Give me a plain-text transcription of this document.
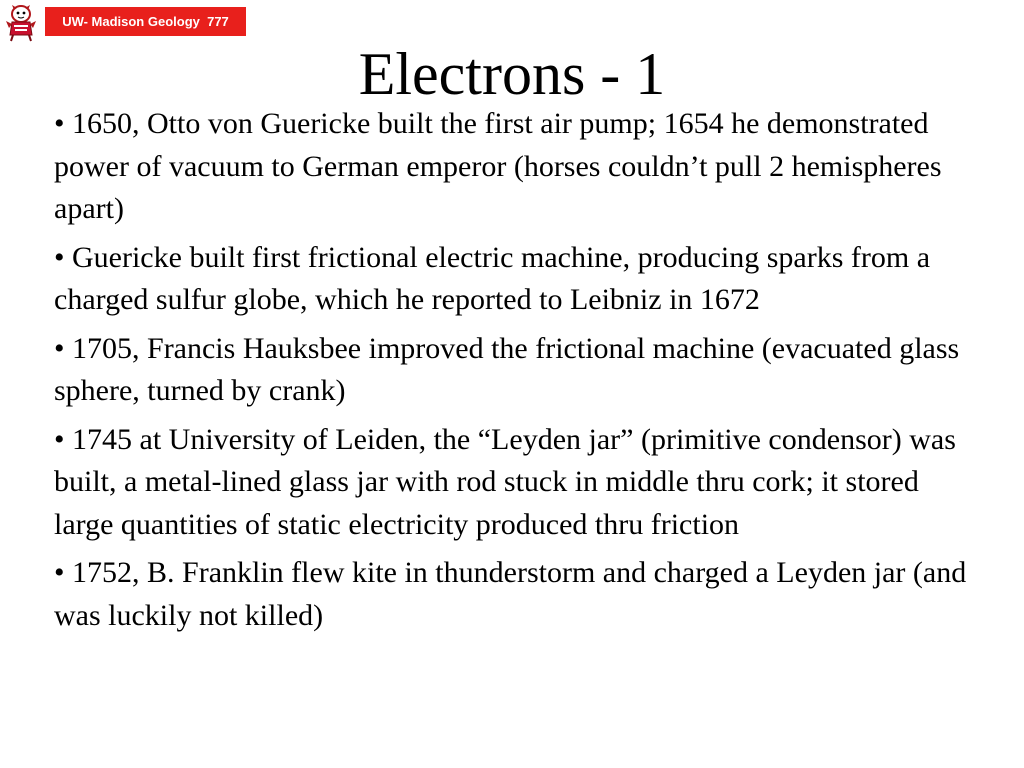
UW- Madison Geology  777
Electrons - 1
• 1650, Otto von Guericke built the first air pump; 1654 he demonstrated power of vacuum to German emperor (horses couldn’t pull 2 hemispheres apart)
• Guericke built first frictional electric machine, producing sparks from a charged sulfur globe, which he reported to Leibniz in 1672
• 1705, Francis Hauksbee improved the frictional machine (evacuated glass sphere, turned by crank)
• 1745 at University of Leiden, the “Leyden jar” (primitive condensor) was built, a metal-lined glass jar with rod stuck in middle thru cork; it stored large quantities of static electricity produced thru friction
• 1752, B. Franklin flew kite in thunderstorm and charged a Leyden jar (and was luckily not killed)
